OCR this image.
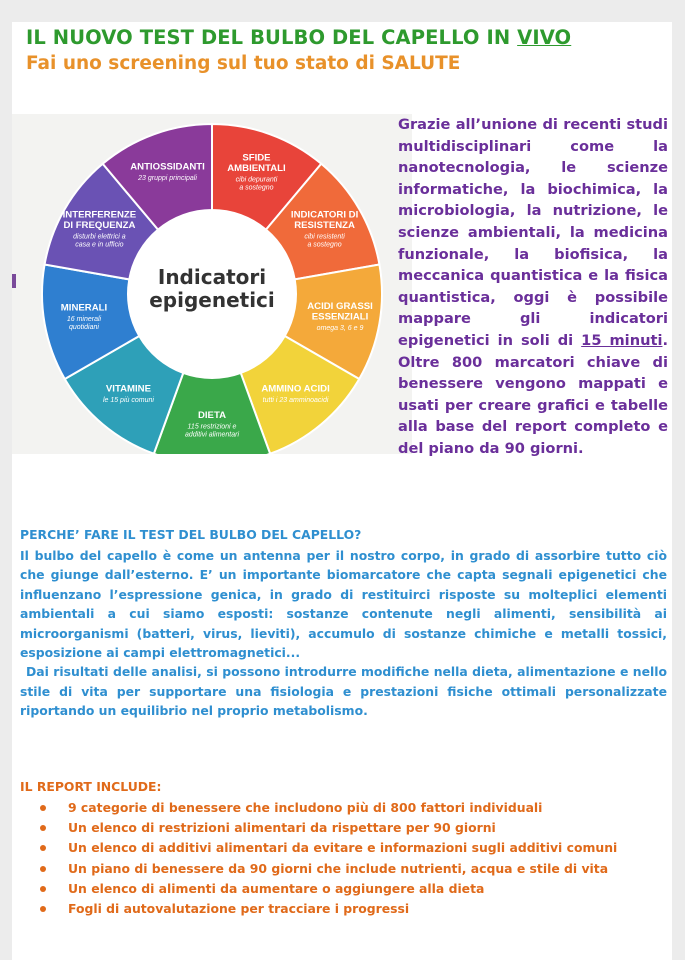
IL NUOVO TEST DEL BULBO DEL CAPELLO IN VIVO
Fai uno screening sul tuo stato di SALUTE
SFIDE
AMBIENTALI
cibi depuranti
a sostegno
INDICATORI DI
RESISTENZA
cibi resistenti
a sostegno
ACIDI GRASSI
ESSENZIALI
omega 3, 6 e 9
AMMINO ACIDI
tutti i 23 amminoacidi
DIETA
115 restrizioni e
additivi alimentari
VITAMINE
le 15 più comuni
MINERALI
16 minerali
quotidiani
INTERFERENZE
DI FREQUENZA
disturbi elettrici a
casa e in ufficio
ANTIOSSIDANTI
23 gruppi principali
Indicatori
epigenetici
Grazie all’unione di recenti studi multidisciplinari come la nanotecnologia, le scienze informatiche, la biochimica, la microbiologia, la nutrizione, le scienze ambientali, la medicina funzionale, la biofisica, la meccanica quantistica e la fisica quantistica, oggi è possibile mappare gli indicatori epigenetici in soli di 15 minuti. Oltre 800 marcatori chiave di benessere vengono mappati e usati per creare grafici e tabelle alla base del report completo e del piano da 90 giorni.
PERCHE’ FARE IL TEST DEL BULBO DEL CAPELLO?

Il bulbo del capello è come un antenna per il nostro corpo, in grado di assorbire tutto ciò che giunge dall’esterno. E’ un importante biomarcatore che capta segnali epigenetici che influenzano l’espressione genica, in grado di restituirci risposte su molteplici elementi ambientali a cui siamo esposti: sostanze contenute negli alimenti, sensibilità ai microorganismi (batteri, virus, lieviti), accumulo di sostanze chimiche e metalli tossici, esposizione ai campi elettromagnetici...

Dai risultati delle analisi, si possono introdurre modifiche nella dieta, alimentazione e nello stile di vita per supportare una fisiologia e prestazioni fisiche ottimali personalizzate riportando un equilibrio nel proprio metabolismo.

IL REPORT INCLUDE:
9 categorie di benessere che includono più di 800 fattori individuali
Un elenco di restrizioni alimentari da rispettare per 90 giorni
Un elenco di additivi alimentari da evitare e informazioni sugli additivi comuni
Un piano di benessere da 90 giorni che include nutrienti, acqua e stile di vita
Un elenco di alimenti da aumentare o aggiungere alla dieta
Fogli di autovalutazione per tracciare i progressi
